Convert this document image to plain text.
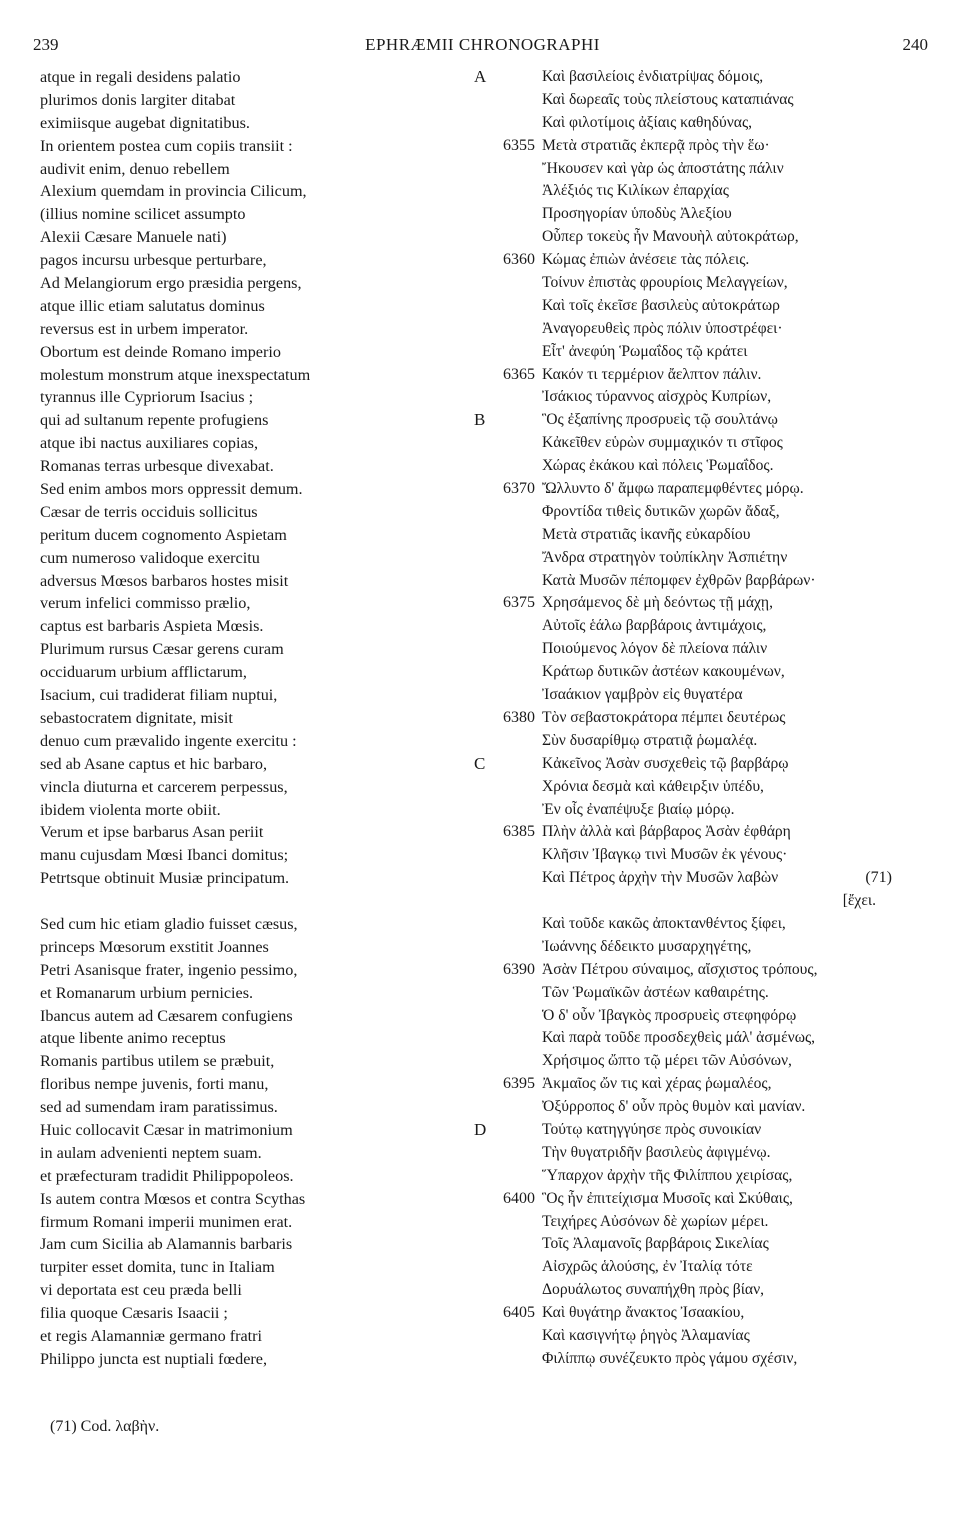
239	EPHRÆMII CHRONOGRAPHI	240
atque in regali desidens palatio
plurimos donis largiter ditabat
eximiisque augebat dignitatibus.
In orientem postea cum copiis transiit :
audivit enim, denuo rebellem
Alexium quemdam in provincia Cilicum,
(illius nomine scilicet assumpto
Alexii Cæsare Manuele nati)
pagos incursu urbesque perturbare,
Ad Melangiorum ergo præsidia pergens,
atque illic etiam salutatus dominus
reversus est in urbem imperator.
Obortum est deinde Romano imperio
molestum monstrum atque inexspectatum
tyrannus ille Cypriorum Isacius ;
qui ad sultanum repente profugiens
atque ibi nactus auxiliares copias,
Romanas terras urbesque divexabat.
Sed enim ambos mors oppressit demum.
Cæsar de terris occiduis sollicitus
peritum ducem cognomento Aspietam
cum numeroso validoque exercitu
adversus Mœsos barbaros hostes misit
verum infelici commisso prælio,
captus est barbaris Aspieta Mœsis.
Plurimum rursus Cæsar gerens curam
occiduarum urbium afflictarum,
Isacium, cui tradiderat filiam nuptui,
sebastocratem dignitate, misit
denuo cum prævalido ingente exercitu :
sed ab Asane captus et hic barbaro,
vincla diuturna et carcerem perpessus,
ibidem violenta morte obiit.
Verum et ipse barbarus Asan periit
manu cujusdam Mœsi Ibanci domitus;
Petrtsque obtinuit Musiæ principatum.
Sed cum hic etiam gladio fuisset cæsus,
princeps Mœsorum exstitit Joannes
Petri Asanisque frater, ingenio pessimo,
et Romanarum urbium pernicies.
Ibancus autem ad Cæsarem confugiens
atque libente animo receptus
Romanis partibus utilem se præbuit,
floribus nempe juvenis, forti manu,
sed ad sumendam iram paratissimus.
Huic collocavit Cæsar in matrimonium
in aulam advenienti neptem suam.
et præfecturam tradidit Philippopoleos.
Is autem contra Mœsos et contra Scythas
firmum Romani imperii munimen erat.
Jam cum Sicilia ab Alamannis barbaris
turpiter esset domita, tunc in Italiam
vi deportata est ceu præda belli
filia quoque Cæsaris Isaacii ;
et regis Alamanniæ germano fratri
Philippo juncta est nuptiali fœdere,
A
6355
6360
6365
B
6370
6375
6380
C
6385
6390
6395
D
6400
6405
Καὶ βασιλείοις ἐνδιατρίψας δόμοις,
Καὶ δωρεαῖς τοὺς πλείστους καταπιάνας
Καὶ φιλοτίμοις ἀξίαις καθηδύνας,
Μετὰ στρατιᾶς ἐκπερᾷ πρὸς τὴν ἕω·
Ἤκουσεν καὶ γὰρ ὡς ἀποστάτης πάλιν
Ἀλέξιός τις Κιλίκων ἐπαρχίας
Προσηγορίαν ὑποδὺς Ἀλεξίου
Οὗπερ τοκεὺς ἦν Μανουὴλ αὐτοκράτωρ,
Κώμας ἐπιὼν ἀνέσειε τὰς πόλεις.
Τοίνυν ἐπιστὰς φρουρίοις Μελαγγείων,
Καὶ τοῖς ἐκεῖσε βασιλεὺς αὐτοκράτωρ
Ἀναγορευθεὶς πρὸς πόλιν ὑποστρέφει·
Εἶτ' ἀνεφύη Ῥωμαΐδος τῷ κράτει
Κακόν τι τερμέριον ἄελπτον πάλιν.
Ἰσάκιος τύραννος αἰσχρὸς Κυπρίων,
Ὃς ἐξαπίνης προσρυεὶς τῷ σουλτάνῳ
Κἀκεῖθεν εὑρὼν συμμαχικόν τι στῖφος
Χώρας ἐκάκου καὶ πόλεις Ῥωμαΐδος.
Ὤλλυντο δ' ἄμφω παραπεμφθέντες μόρῳ.
Φροντίδα τιθεὶς δυτικῶν χωρῶν ἄδαξ,
Μετὰ στρατιᾶς ἱκανῆς εὐκαρδίου
Ἄνδρα στρατηγὸν τοὐπίκλην Ἀσπιέτην
Κατὰ Μυσῶν πέπομφεν ἐχθρῶν βαρβάρων·
Χρησάμενος δὲ μὴ δεόντως τῇ μάχῃ,
Αὐτοῖς ἑάλω βαρβάροις ἀντιμάχοις,
Ποιούμενος λόγον δὲ πλείονα πάλιν
Κράτωρ δυτικῶν ἀστέων κακουμένων,
Ἰσαάκιον γαμβρὸν εἰς θυγατέρα
Τὸν σεβαστοκράτορα πέμπει δευτέρως
Σὺν δυσαρίθμῳ στρατιᾷ ῥωμαλέᾳ.
Κἀκεῖνος Ἀσὰν συσχεθεὶς τῷ βαρβάρῳ
Χρόνια δεσμὰ καὶ κάθειρξιν ὑπέδυ,
Ἐν οἷς ἐναπέψυξε βιαίῳ μόρῳ.
Πλὴν ἀλλὰ καὶ βάρβαρος Ἀσὰν ἐφθάρη
Κλῆσιν Ἰβαγκῳ τινὶ Μυσῶν ἐκ γένους·
Καὶ Πέτρος ἀρχὴν τὴν Μυσῶν λαβὼν	(71)
[ἔχει.
Καὶ τοῦδε κακῶς ἀποκτανθέντος ξίφει,
Ἰωάννης δέδεικτο μυσαρχηγέτης,
Ἀσὰν Πέτρου σύναιμος, αἴσχιστος τρόπους,
Τῶν Ῥωμαϊκῶν ἀστέων καθαιρέτης.
Ὁ δ' οὖν Ἰβαγκὸς προσρυεὶς στεφηφόρῳ
Καὶ παρὰ τοῦδε προσδεχθεὶς μάλ' ἀσμένως,
Χρήσιμος ὤπτο τῷ μέρει τῶν Αὐσόνων,
Ἀκμαῖος ὤν τις καὶ χέρας ῥωμαλέος,
Ὀξύρροπος δ' οὖν πρὸς θυμὸν καὶ μανίαν.
Τούτῳ κατηγγύησε πρὸς συνοικίαν
Τὴν θυγατριδῆν βασιλεὺς ἀφιγμένῳ.
Ὕπαρχον ἀρχὴν τῆς Φιλίππου χειρίσας,
Ὃς ἦν ἐπιτείχισμα Μυσοῖς καὶ Σκύθαις,
Τειχήρες Αὐσόνων δὲ χωρίων μέρει.
Τοῖς Ἀλαμανοῖς βαρβάροις Σικελίας
Αἰσχρῶς ἁλούσης, ἐν Ἰταλίᾳ τότε
Δορυάλωτος συναπήχθη πρὸς βίαν,
Καὶ θυγάτηρ ἄνακτος Ἰσαακίου,
Καὶ κασιγνήτῳ ῥηγὸς Ἀλαμανίας
Φιλίππῳ συνέζευκτο πρὸς γάμου σχέσιν,
(71) Cod. λαβὴν.
